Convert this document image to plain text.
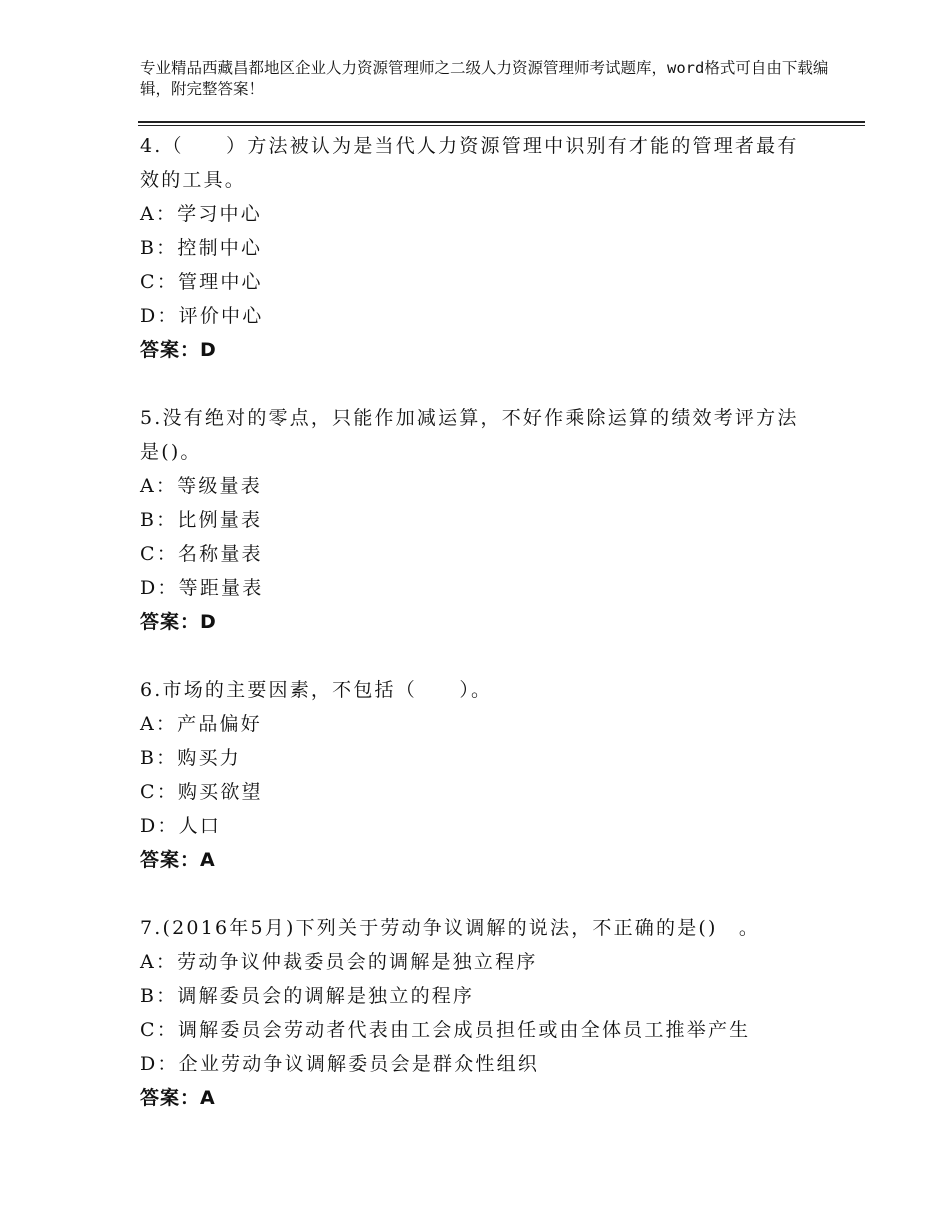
专业精品西藏昌都地区企业人力资源管理师之二级人力资源管理师考试题库，word格式可自由下载编辑，附完整答案！
4.（　　）方法被认为是当代人力资源管理中识别有才能的管理者最有效的工具。
A：学习中心
B：控制中心
C：管理中心
D：评价中心
答案：D
5.没有绝对的零点，只能作加减运算，不好作乘除运算的绩效考评方法是()。
A：等级量表
B：比例量表
C：名称量表
D：等距量表
答案：D
6.市场的主要因素，不包括（　　）。
A：产品偏好
B：购买力
C：购买欲望
D：人口
答案：A
7.(2016年5月)下列关于劳动争议调解的说法，不正确的是()　。
A：劳动争议仲裁委员会的调解是独立程序
B：调解委员会的调解是独立的程序
C：调解委员会劳动者代表由工会成员担任或由全体员工推举产生
D：企业劳动争议调解委员会是群众性组织
答案：A
